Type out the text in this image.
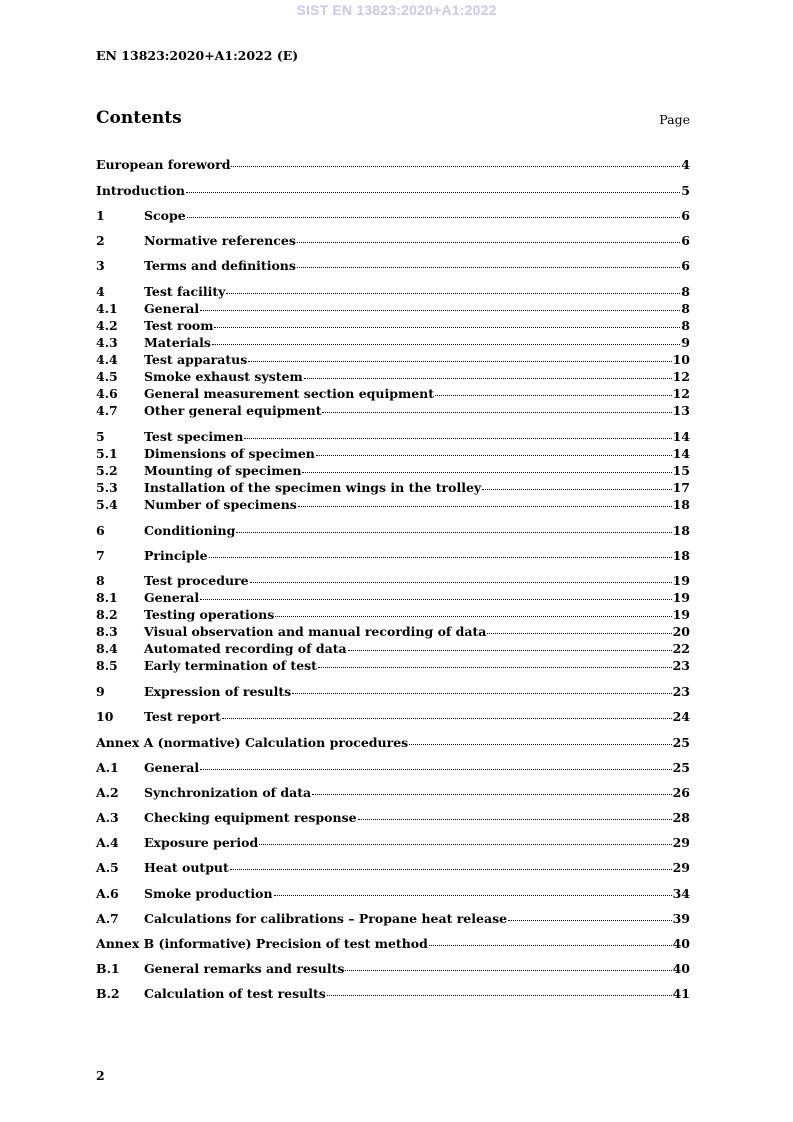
SIST EN 13823:2020+A1:2022
EN 13823:2020+A1:2022 (E)
Contents	Page
European foreword	4
Introduction	5
1	Scope	6
2	Normative references	6
3	Terms and definitions	6
4	Test facility	8
4.1	General	8
4.2	Test room	8
4.3	Materials	9
4.4	Test apparatus	10
4.5	Smoke exhaust system	12
4.6	General measurement section equipment	12
4.7	Other general equipment	13
5	Test specimen	14
5.1	Dimensions of specimen	14
5.2	Mounting of specimen	15
5.3	Installation of the specimen wings in the trolley	17
5.4	Number of specimens	18
6	Conditioning	18
7	Principle	18
8	Test procedure	19
8.1	General	19
8.2	Testing operations	19
8.3	Visual observation and manual recording of data	20
8.4	Automated recording of data	22
8.5	Early termination of test	23
9	Expression of results	23
10	Test report	24
Annex A (normative) Calculation procedures	25
A.1	General	25
A.2	Synchronization of data	26
A.3	Checking equipment response	28
A.4	Exposure period	29
A.5	Heat output	29
A.6	Smoke production	34
A.7	Calculations for calibrations – Propane heat release	39
Annex B (informative) Precision of test method	40
B.1	General remarks and results	40
B.2	Calculation of test results	41
2
